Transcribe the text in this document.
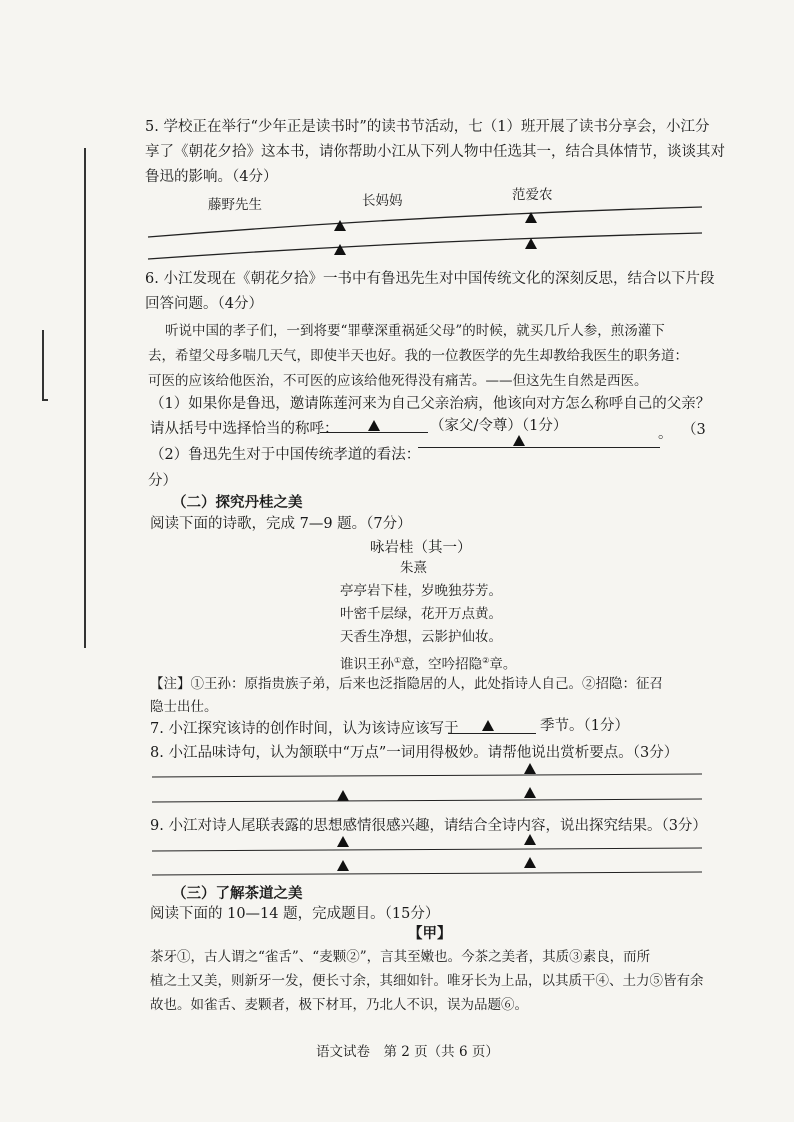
5. 学校正在举行“少年正是读书时”的读书节活动，七（1）班开展了读书分享会，小江分
享了《朝花夕拾》这本书，请你帮助小江从下列人物中任选其一，结合具体情节，谈谈其对
鲁迅的影响。（4分）
藤野先生	长妈妈	范爱农
6. 小江发现在《朝花夕拾》一书中有鲁迅先生对中国传统文化的深刻反思，结合以下片段
回答问题。（4分）
听说中国的孝子们，一到将要“罪孽深重祸延父母”的时候，就买几斤人参，煎汤灌下
去，希望父母多喘几天气，即使半天也好。我的一位教医学的先生却教给我医生的职务道：
可医的应该给他医治，不可医的应该给他死得没有痛苦。——但这先生自然是西医。
（1）如果你是鲁迅，邀请陈莲河来为自己父亲治病，他该向对方怎么称呼自己的父亲？
请从括号中选择恰当的称呼：	（家父/令尊）（1分）	。 （3
（2）鲁迅先生对于中国传统孝道的看法：
分）
（二）探究丹桂之美
阅读下面的诗歌，完成 7—9 题。（7分）
咏岩桂（其一）
朱熹
亭亭岩下桂，岁晚独芬芳。
叶密千层绿，花开万点黄。
天香生净想，云影护仙妆。
谁识王孙①意，空吟招隐②章。
【注】①王孙：原指贵族子弟，后来也泛指隐居的人，此处指诗人自己。②招隐：征召
隐士出仕。
7. 小江探究该诗的创作时间，认为该诗应该写于	季节。（1分）
8. 小江品味诗句，认为颔联中“万点”一词用得极妙。请帮他说出赏析要点。（3分）
9. 小江对诗人尾联表露的思想感情很感兴趣，请结合全诗内容，说出探究结果。（3分）
（三）了解茶道之美
阅读下面的 10—14 题，完成题目。（15分）
【甲】
茶牙①，古人谓之“雀舌”、“麦颗②”，言其至嫩也。今茶之美者，其质③素良，而所
植之土又美，则新牙一发，便长寸余，其细如针。唯牙长为上品，以其质干④、土力⑤皆有余
故也。如雀舌、麦颗者，极下材耳，乃北人不识，误为品题⑥。
语文试卷　第 2 页（共 6 页）
